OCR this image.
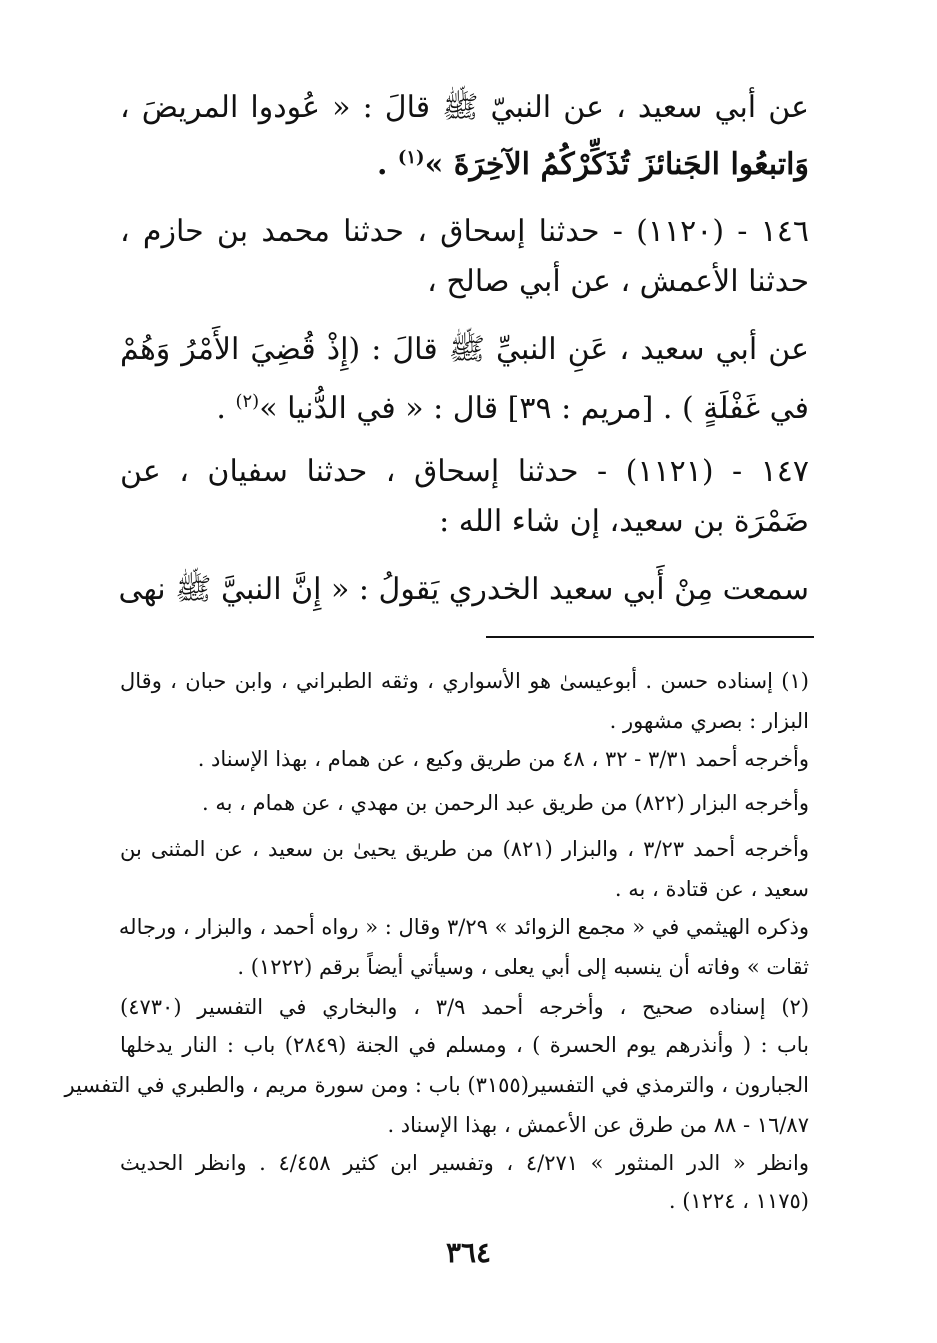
عن أبي سعيد ، عن النبيّ ﷺ قالَ : « عُودوا المريضَ ،
وَاتبعُوا الجَنائزَ تُذَكِّرْكُمُ الآخِرَةَ »$^{(١)}$ .
١٤٦ - (١١٢٠) - حدثنا إسحاق ، حدثنا محمد بن حازم ،
حدثنا الأعمش ، عن أبي صالح ،
عن أبي سعيد ، عَنِ النبيِّ ﷺ قالَ : (إِذْ قُضِيَ الأَمْرُ وَهُمْ
في غَفْلَةٍ ) . [مريم : ٣٩] قال : « في الدُّنيا »$^{(٢)}$ .
١٤٧ - (١١٢١) - حدثنا إسحاق ، حدثنا سفيان ، عن
ضَمْرَة بن سعيد، إن شاء الله :
سمعت مِنْ أَبي سعيد الخدري يَقولُ : « إِنَّ النبيَّ ﷺ نهى
(١) إسناده حسن . أبوعيسىٰ هو الأسواري ، وثقه الطبراني ، وابن حبان ، وقال
البزار : بصري مشهور .
وأخرجه أحمد ٣/٣١ - ٣٢ ، ٤٨ من طريق وكيع ، عن همام ، بهذا الإسناد .
وأخرجه البزار (٨٢٢) من طريق عبد الرحمن بن مهدي ، عن همام ، به .
وأخرجه أحمد ٣/٢٣ ، والبزار (٨٢١) من طريق يحيىٰ بن سعيد ، عن المثنى بن
سعيد ، عن قتادة ، به .
وذكره الهيثمي في « مجمع الزوائد » ٣/٢٩ وقال : « رواه أحمد ، والبزار ، ورجاله
ثقات » وفاته أن ينسبه إلى أبي يعلى ، وسيأتي أيضاً برقم (١٢٢٢) .
(٢) إسناده صحيح ، وأخرجه أحمد ٣/٩ ، والبخاري في التفسير (٤٧٣٠)
باب : ( وأنذرهم يوم الحسرة ) ، ومسلم في الجنة (٢٨٤٩) باب : النار يدخلها
الجبارون ، والترمذي في التفسير(٣١٥٥) باب : ومن سورة مريم ، والطبري في التفسير
١٦/٨٧ - ٨٨ من طرق عن الأعمش ، بهذا الإسناد .
وانظر « الدر المنثور » ٤/٢٧١ ، وتفسير ابن كثير ٤/٤٥٨ . وانظر الحديث
(١١٧٥ ، ١٢٢٤) .
٣٦٤
